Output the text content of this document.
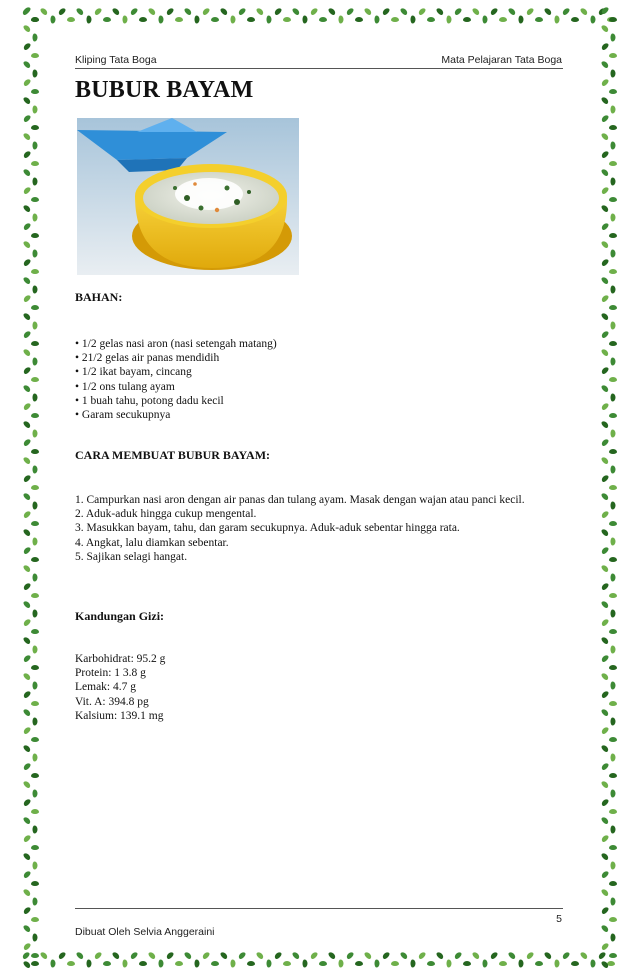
Kliping Tata Boga	Mata Pelajaran Tata Boga
BUBUR BAYAM
BAHAN:
• 1/2 gelas nasi aron (nasi setengah matang)
• 21/2 gelas air panas mendidih
• 1/2 ikat bayam, cincang
• 1/2 ons tulang ayam
• 1 buah tahu, potong dadu kecil
• Garam secukupnya
CARA MEMBUAT BUBUR BAYAM:
1. Campurkan nasi aron dengan air panas dan tulang ayam. Masak dengan wajan atau panci kecil.
2. Aduk-aduk hingga cukup mengental.
3. Masukkan bayam, tahu, dan garam secukupnya. Aduk-aduk sebentar hingga rata.
4. Angkat, lalu diamkan sebentar.
5. Sajikan selagi hangat.
Kandungan Gizi:
Karbohidrat: 95.2 g
Protein: 1 3.8 g
Lemak: 4.7 g
Vit. A: 394.8 pg
Kalsium: 139.1 mg
5
Dibuat Oleh Selvia Anggeraini
